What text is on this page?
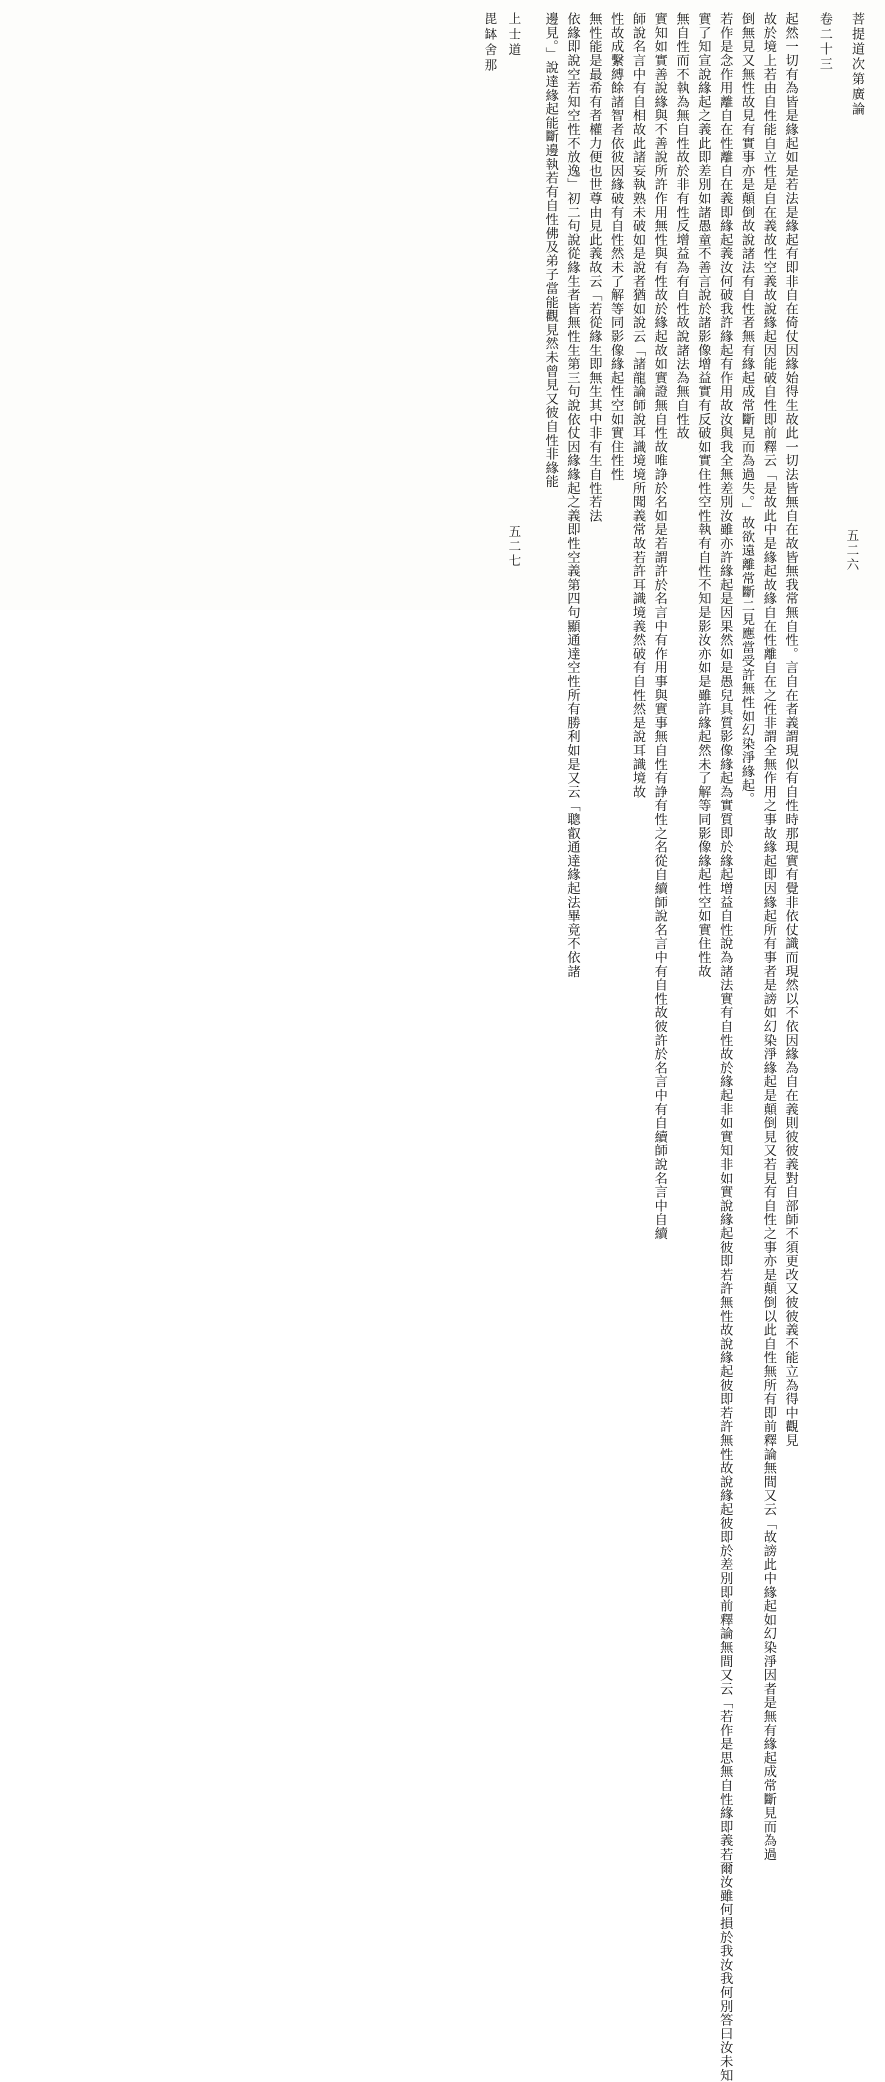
菩提道次第廣論
五二六
卷二十三
起然一切有為皆是緣起如是若法是緣起有即非自在倚仗因緣始得生故此一切法皆無自在故皆無我常無自性。言自在者義謂現似有自性時那現實有覺非依仗識而現然以不依因緣為自在義則彼彼義對自部師不須更改又彼彼義不能立為得中觀見
故於境上若由自性能自立性是自在義故性空義故說緣起因能破自性即前釋云「是故此中是緣起故緣自在性離自在之性非謂全無作用之事故緣起即因緣起所有事者是謗如幻染淨緣起是顛倒見又若見有自性之事亦是顛倒以此自性無所有即前釋論無間又云「故謗此中緣起如幻染淨因者是無有緣起成常斷見而為過
倒無見又無性故見有實事亦是顛倒故說諸法有自性者無有緣起成常斷見而為過失。」故欲遠離常斷二見應當受許無性如幻染淨緣起。
若作是念作用離自在性離自在義即緣起義汝何破我許緣起有作用故汝與我全無差別汝雖亦許緣起是因果然如是愚兒具質影像緣起為實質即於緣起增益自性說為諸法實有自性故於緣起非如實知非如實說緣起彼即若許無性故說緣起彼即若許無性故說緣起彼即於差別即前釋論無間又云「若作是思無自性緣即義若爾汝雖何損於我汝我何別答曰汝未知
實了知宣說緣起之義此即差別如諸愚童不善言說於諸影像增益實有反破如實住性空性執有自性不知是影汝亦如是雖許緣起然未了解等同影像緣起性空如實住性故
無自性而不執為無自性故於非有性反增益為有自性故說諸法為無自性故
實知如實善說緣與不善說所許作用無性與有性故於緣起故如實證無自性故唯諍於名如是若謂許於名言中有作用事與實事無自性有諍有性之名從自續師說名言中有自性故彼許於名言中有自續師說名言中自續
師說名言中有自相故此諸妄執熟未破如是說者猶如說云「諸龍論師說耳識境境所聞義常故若許耳識境義然破有自性然是說耳識境故
性故成繫縛餘諸智者依彼因緣破有自性然未了解等同影像緣起性空如實住性性
無性能是最希有者權力便也世尊由見此義故云「若從緣生即無生其中非有生自性若法
依緣即說空若知空性不放逸」初二句說從緣生者皆無性生第三句說依仗因緣緣起之義即性空義第四句顯通達空性所有勝利如是又云「聰叡通達緣起法畢竟不依諸
邊見。」說達緣起能斷邊執若有自性佛及弟子當能觀見然未曾見又彼自性非緣能
上士道
五二七
毘缽舍那
